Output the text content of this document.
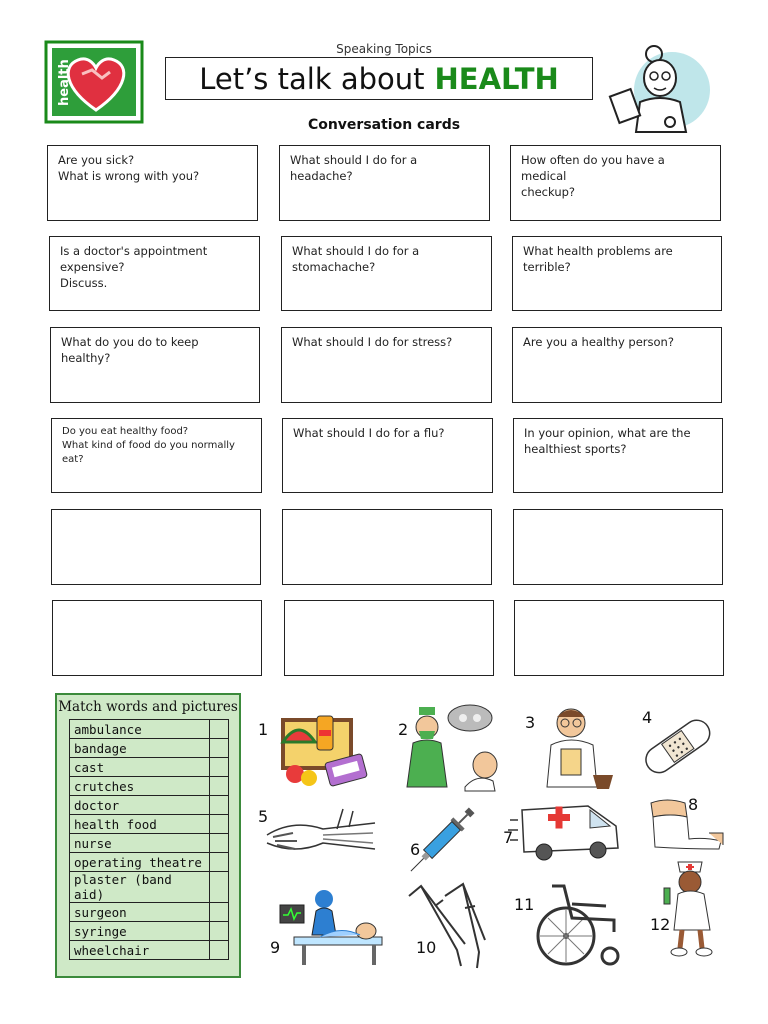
health
Speaking Topics
Let’s talk about HEALTH
Conversation cards
Are you sick?
What is wrong with you?
What should I do for a
headache?
How often do you have a medical
checkup?
Is a doctor's appointment
expensive?
Discuss.
What should I do for a
stomachache?
What health problems are
terrible?
What do you do to keep healthy?
What should I do for stress?	Are you a healthy person?
Do you eat healthy food?
What kind of food do you normally eat?
What should I do for a flu?	In your opinion, what are the
healthiest sports?
Match words and pictures
ambulance	
bandage	
cast	
crutches	
doctor	
health food	
nurse	
operating theatre	
plaster (band aid)	
surgeon	
syringe	
wheelchair	
1	2	3	4
5
6
7
8
9	10
11
12
